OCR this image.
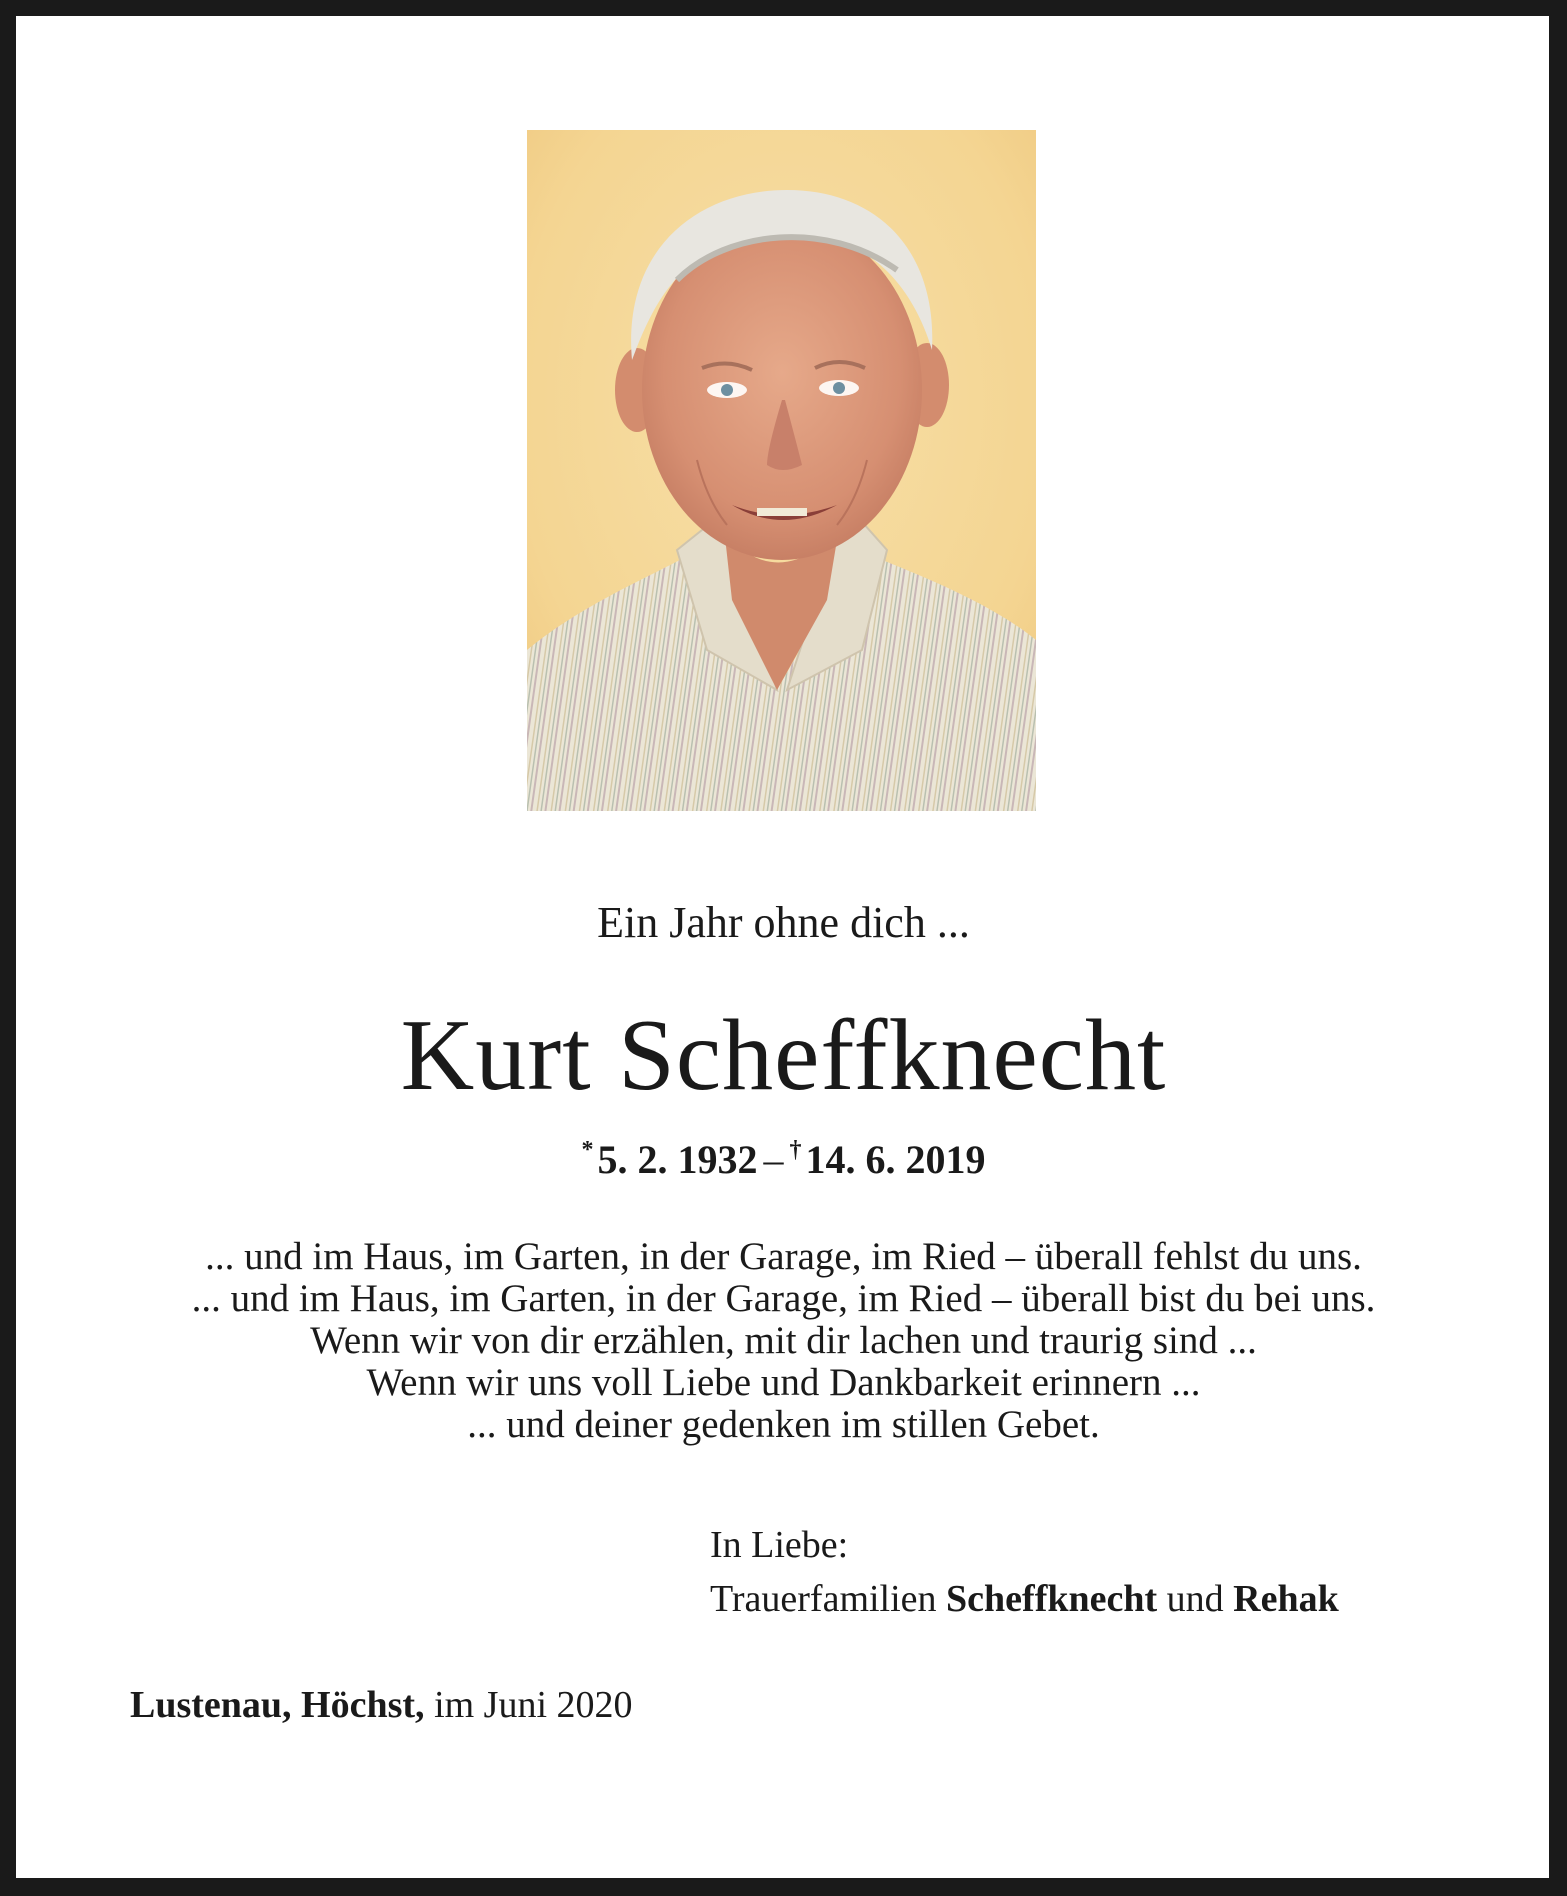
Ein Jahr ohne dich ...
Kurt Scheffknecht
* 5. 2. 1932 – † 14. 6. 2019
... und im Haus, im Garten, in der Garage, im Ried – überall fehlst du uns.
... und im Haus, im Garten, in der Garage, im Ried – überall bist du bei uns.
Wenn wir von dir erzählen, mit dir lachen und traurig sind ...
Wenn wir uns voll Liebe und Dankbarkeit erinnern ...
... und deiner gedenken im stillen Gebet.
In Liebe:
Trauerfamilien Scheffknecht und Rehak
Lustenau, Höchst, im Juni 2020
